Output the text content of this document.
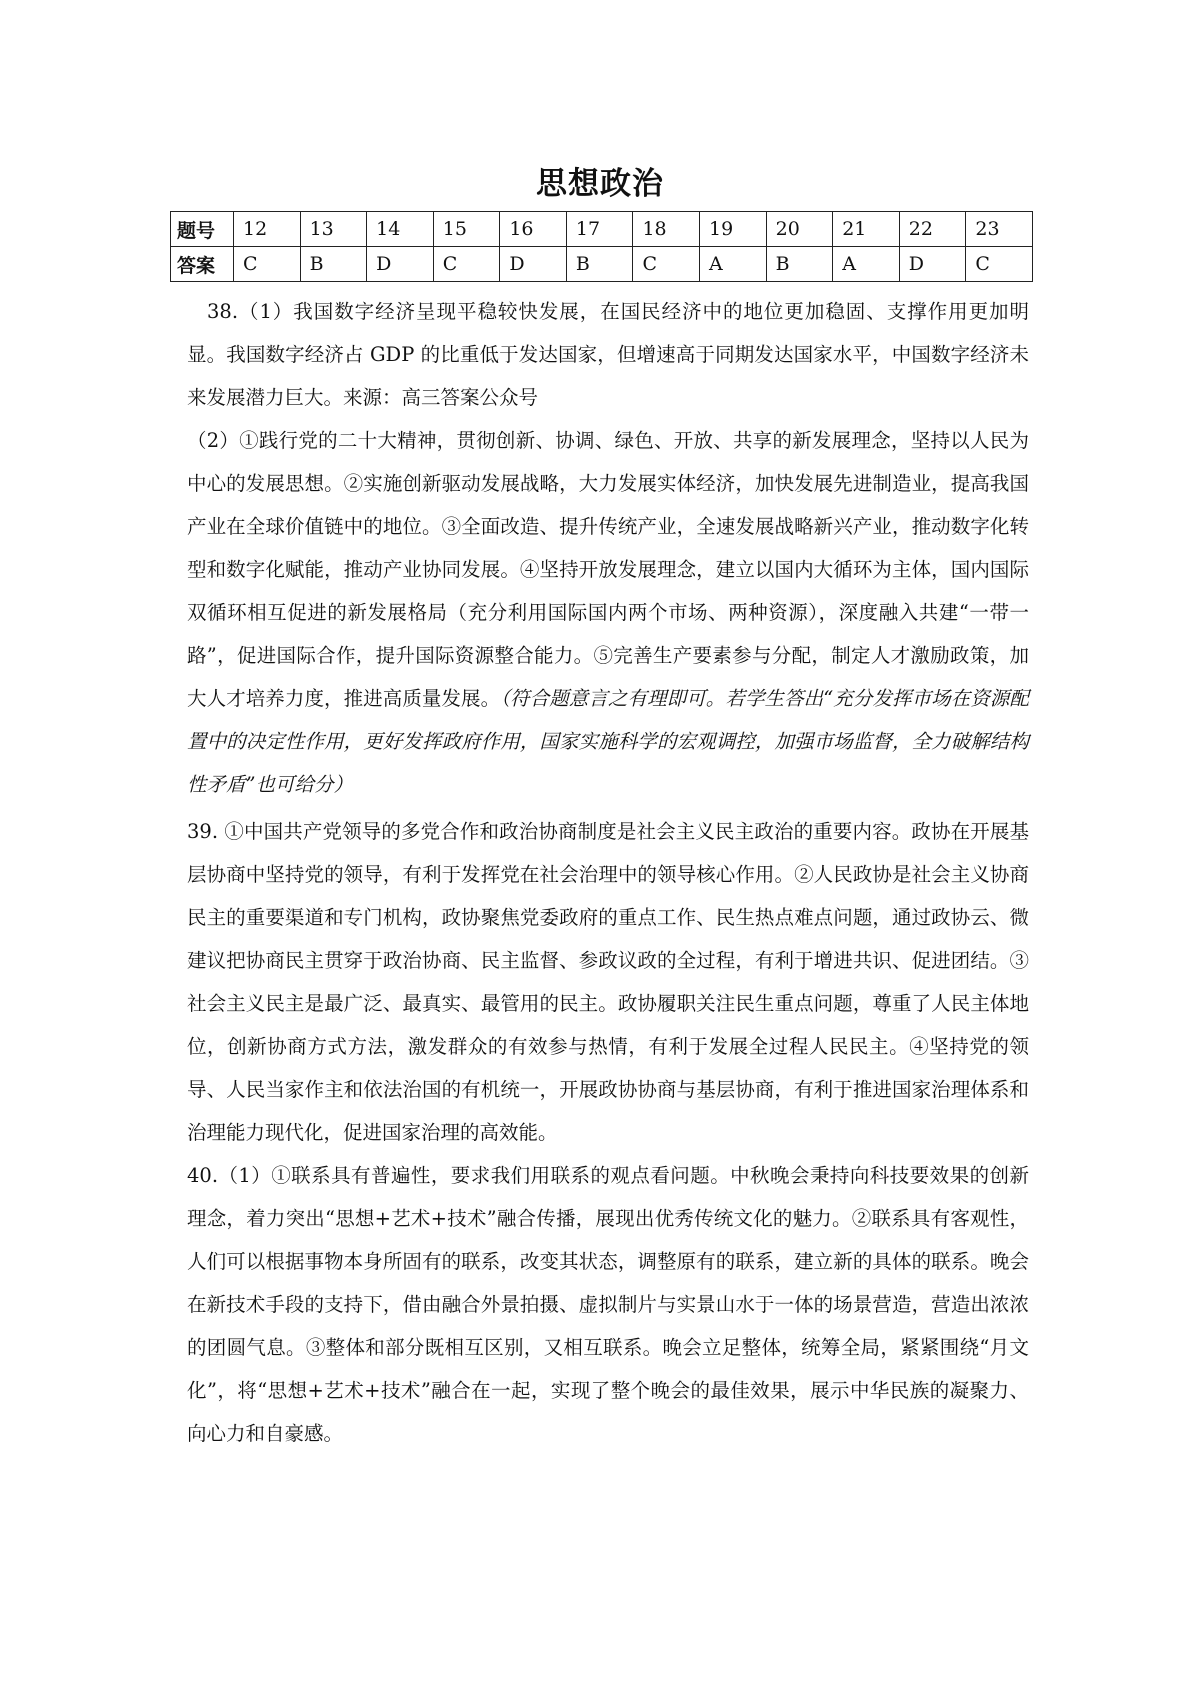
思想政治
题号	12	13	14	15	16	17	18	19	20	21	22	23
答案	C	B	D	C	D	B	C	A	B	A	D	C

38.（1）我国数字经济呈现平稳较快发展，在国民经济中的地位更加稳固、支撑作用更加明显。我国数字经济占 GDP 的比重低于发达国家，但增速高于同期发达国家水平，中国数字经济未来发展潜力巨大。来源：高三答案公众号

（2）①践行党的二十大精神，贯彻创新、协调、绿色、开放、共享的新发展理念，坚持以人民为中心的发展思想。②实施创新驱动发展战略，大力发展实体经济，加快发展先进制造业，提高我国产业在全球价值链中的地位。③全面改造、提升传统产业，全速发展战略新兴产业，推动数字化转型和数字化赋能，推动产业协同发展。④坚持开放发展理念，建立以国内大循环为主体，国内国际双循环相互促进的新发展格局（充分利用国际国内两个市场、两种资源），深度融入共建“一带一路”，促进国际合作，提升国际资源整合能力。⑤完善生产要素参与分配，制定人才激励政策，加大人才培养力度，推进高质量发展。（符合题意言之有理即可。若学生答出“充分发挥市场在资源配置中的决定性作用，更好发挥政府作用，国家实施科学的宏观调控，加强市场监督，全力破解结构性矛盾”也可给分）

39. ①中国共产党领导的多党合作和政治协商制度是社会主义民主政治的重要内容。政协在开展基层协商中坚持党的领导，有利于发挥党在社会治理中的领导核心作用。②人民政协是社会主义协商民主的重要渠道和专门机构，政协聚焦党委政府的重点工作、民生热点难点问题，通过政协云、微建议把协商民主贯穿于政治协商、民主监督、参政议政的全过程，有利于增进共识、促进团结。③社会主义民主是最广泛、最真实、最管用的民主。政协履职关注民生重点问题，尊重了人民主体地位，创新协商方式方法，激发群众的有效参与热情，有利于发展全过程人民民主。④坚持党的领导、人民当家作主和依法治国的有机统一，开展政协协商与基层协商，有利于推进国家治理体系和治理能力现代化，促进国家治理的高效能。

40.（1）①联系具有普遍性，要求我们用联系的观点看问题。中秋晚会秉持向科技要效果的创新理念，着力突出“思想+艺术+技术”融合传播，展现出优秀传统文化的魅力。②联系具有客观性，人们可以根据事物本身所固有的联系，改变其状态，调整原有的联系，建立新的具体的联系。晚会在新技术手段的支持下，借由融合外景拍摄、虚拟制片与实景山水于一体的场景营造，营造出浓浓的团圆气息。③整体和部分既相互区别，又相互联系。晚会立足整体，统筹全局，紧紧围绕“月文化”，将“思想+艺术+技术”融合在一起，实现了整个晚会的最佳效果，展示中华民族的凝聚力、向心力和自豪感。
